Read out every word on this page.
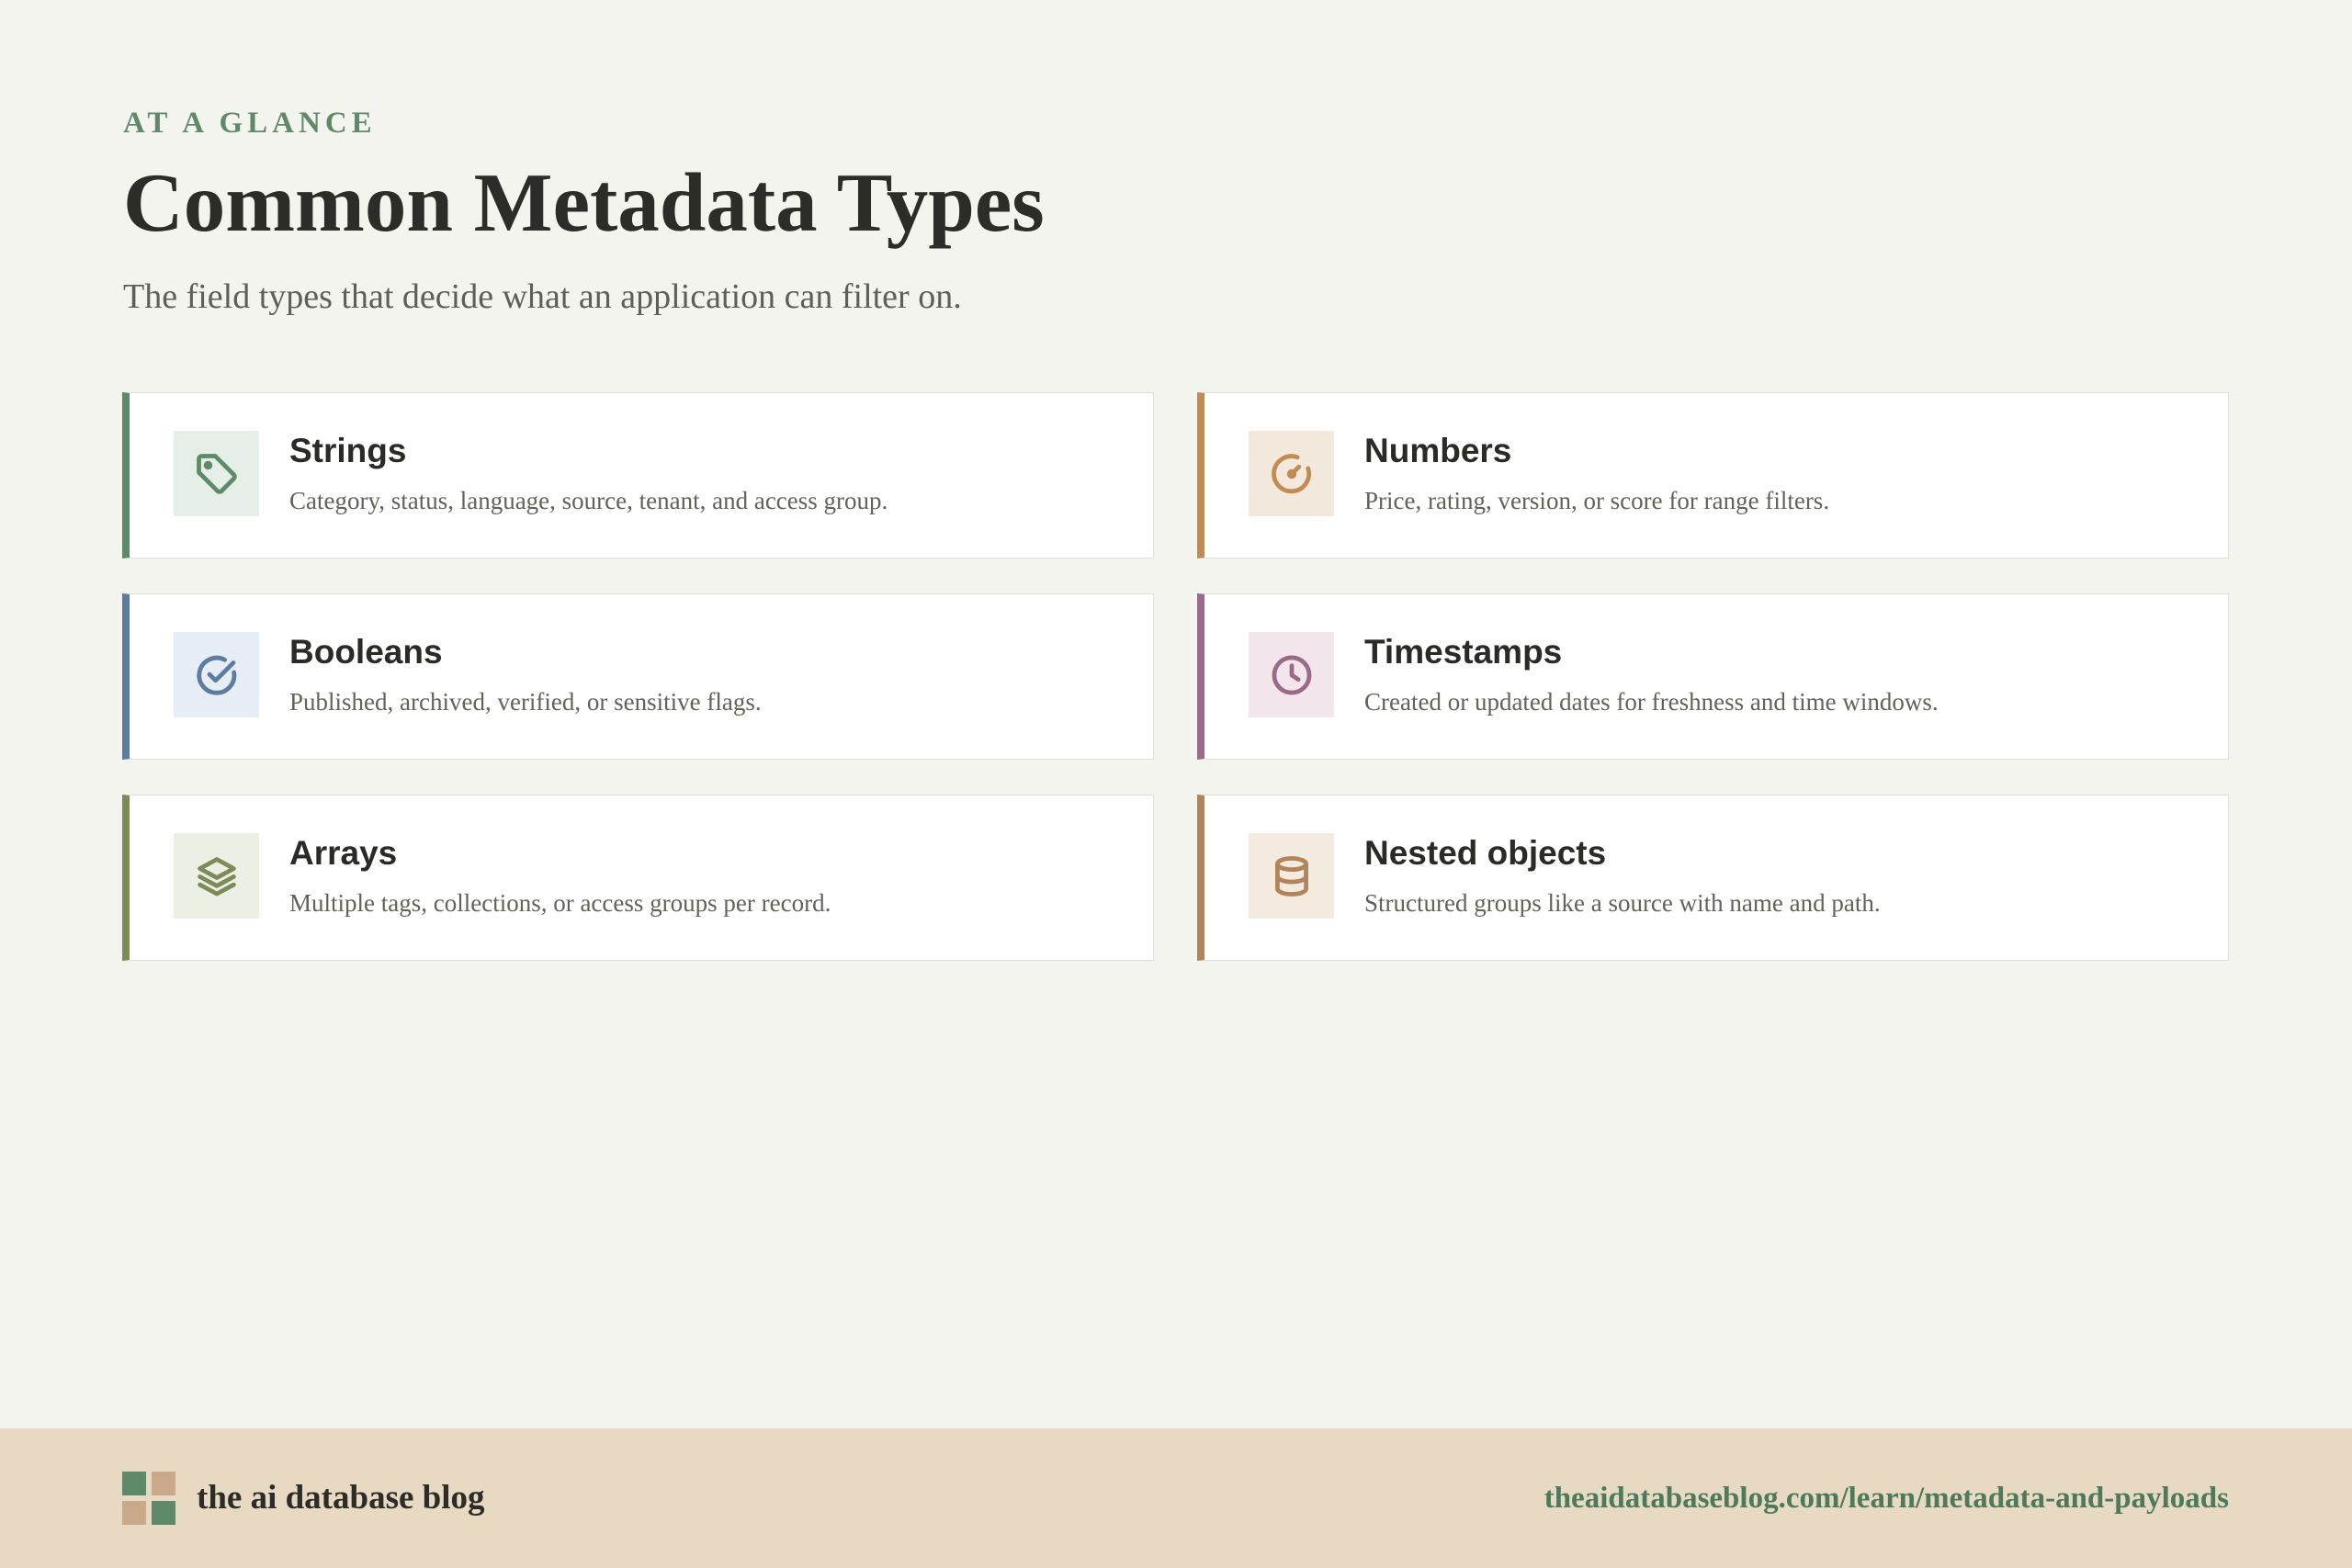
AT A GLANCE

Common Metadata Types

The field types that decide what an application can filter on.

Strings

Category, status, language, source, tenant, and access group.

Numbers

Price, rating, version, or score for range filters.

Booleans

Published, archived, verified, or sensitive flags.

Timestamps

Created or updated dates for freshness and time windows.

Arrays

Multiple tags, collections, or access groups per record.

Nested objects

Structured groups like a source with name and path.

the ai database blog	theaidatabaseblog.com/learn/metadata-and-payloads
